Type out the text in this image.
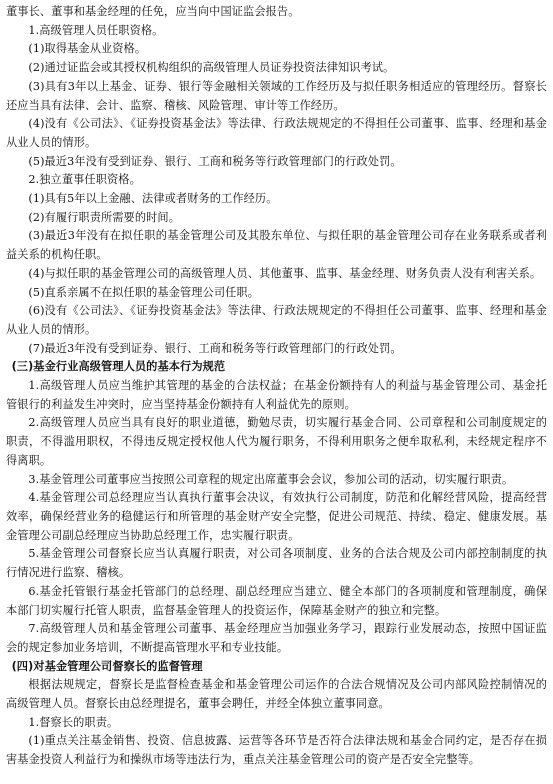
董事长、董事和基金经理的任免，应当向中国证监会报告。

1.高级管理人员任职资格。

(1)取得基金从业资格。

(2)通过证监会或其授权机构组织的高级管理人员证券投资法律知识考试。

(3)具有3年以上基金、证券、银行等金融相关领域的工作经历及与拟任职务相适应的管理经历。督察长还应当具有法律、会计、监察、稽核、风险管理、审计等工作经历。

(4)没有《公司法》、《证券投资基金法》等法律、行政法规规定的不得担任公司董事、监事、经理和基金从业人员的情形。

(5)最近3年没有受到证券、银行、工商和税务等行政管理部门的行政处罚。

2.独立董事任职资格。

(1)具有5年以上金融、法律或者财务的工作经历。

(2)有履行职责所需要的时间。

(3)最近3年没有在拟任职的基金管理公司及其股东单位、与拟任职的基金管理公司存在业务联系或者利益关系的机构任职。

(4)与拟任职的基金管理公司的高级管理人员、其他董事、监事、基金经理、财务负责人没有利害关系。

(5)直系亲属不在拟任职的基金管理公司任职。

(6)没有《公司法》、《证券投资基金法》等法律、行政法规规定的不得担任公司董事、监事、经理和基金从业人员的情形。

(7)最近3年没有受到证券、银行、工商和税务等行政管理部门的行政处罚。

(三)基金行业高级管理人员的基本行为规范

1.高级管理人员应当维护其管理的基金的合法权益；在基金份额持有人的利益与基金管理公司、基金托管银行的利益发生冲突时，应当坚持基金份额持有人利益优先的原则。

2.高级管理人员应当具有良好的职业道德，勤勉尽责，切实履行基金合同、公司章程和公司制度规定的职责，不得滥用职权，不得违反规定授权他人代为履行职务，不得利用职务之便牟取私利，未经规定程序不得离职。

3.基金管理公司董事应当按照公司章程的规定出席董事会会议，参加公司的活动，切实履行职责。

4.基金管理公司总经理应当认真执行董事会决议，有效执行公司制度，防范和化解经营风险，提高经营效率，确保经营业务的稳健运行和所管理的基金财产安全完整，促进公司规范、持续、稳定、健康发展。基金管理公司副总经理应当协助总经理工作，忠实履行职责。

5.基金管理公司督察长应当认真履行职责，对公司各项制度、业务的合法合规及公司内部控制制度的执行情况进行监察、稽核。

6.基金托管银行基金托管部门的总经理、副总经理应当建立、健全本部门的各项制度和管理制度，确保本部门切实履行托管人职责，监督基金管理人的投资运作，保障基金财产的独立和完整。

7.高级管理人员和基金管理公司董事、基金经理应当加强业务学习，跟踪行业发展动态，按照中国证监会的规定参加业务培训，不断提高管理水平和专业技能。

(四)对基金管理公司督察长的监督管理

根据法规规定，督察长是监督检查基金和基金管理公司运作的合法合规情况及公司内部风险控制情况的高级管理人员。督察长由总经理提名，董事会聘任，并经全体独立董事同意。

1.督察长的职责。

(1)重点关注基金销售、投资、信息披露、运营等各环节是否符合法律法规和基金合同约定，是否存在损害基金投资人利益行为和操纵市场等违法行为，重点关注基金管理公司的资产是否安全完整等。
